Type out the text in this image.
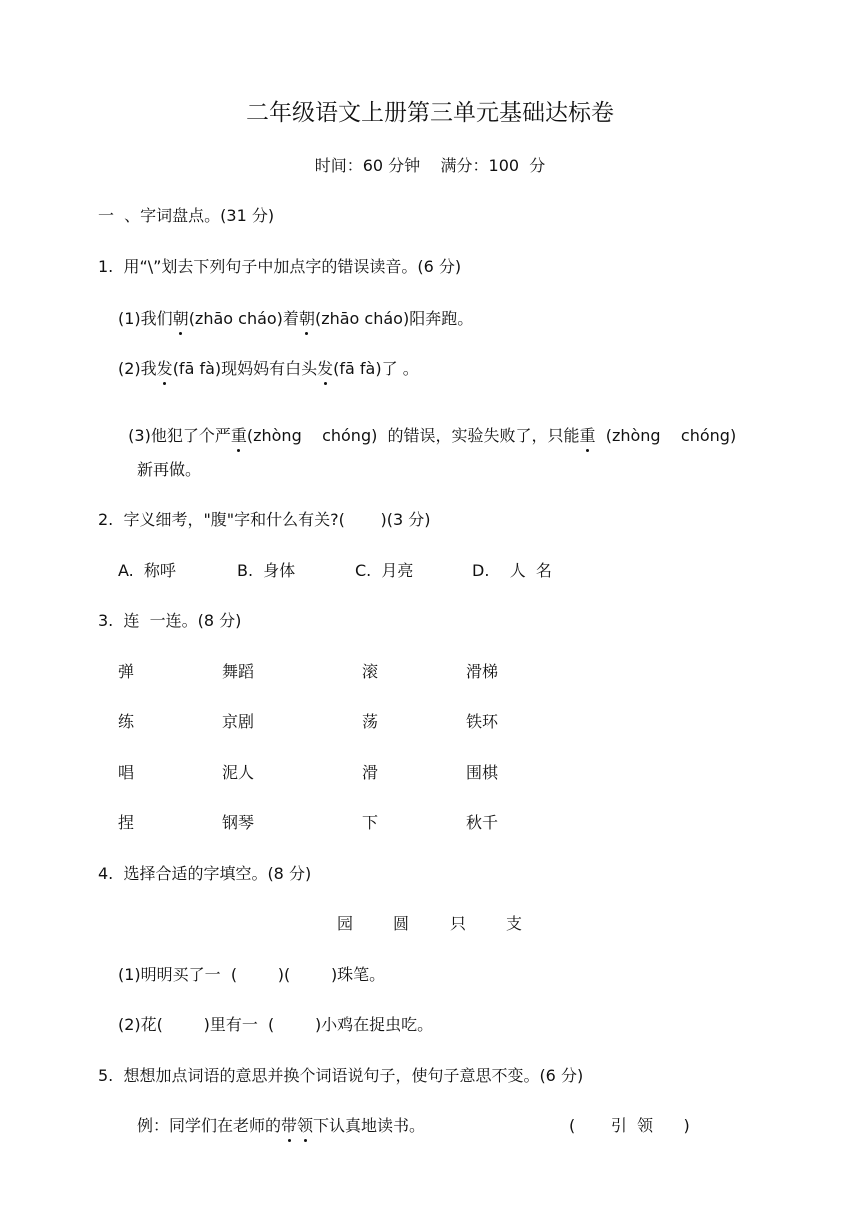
二年级语文上册第三单元基础达标卷
时间：60 分钟    满分：100  分
一  、字词盘点。(31 分)
1.  用“\”划去下列句子中加点字的错误读音。(6 分)
(1)我们朝(zhāo cháo)着朝(zhāo cháo)阳奔跑。
(2)我发(fā fà)现妈妈有白头发(fā fà)了 。

(3)他犯了个严重(zhòng    chóng)  的错误，实验失败了，只能重  (zhòng    chóng)

新再做。
2.  字义细考，"腹"字和什么有关?(       )(3 分)
A.  称呼	B.  身体	C.  月亮	D.    人  名
3.  连  一连。(8 分)
弹	舞蹈	滚	滑梯
练	京剧	荡	铁环
唱	泥人	滑	围棋
捏	钢琴	下	秋千
4.  选择合适的字填空。(8 分)
园 圆	只 支
(1)明明买了一  (        )(        )珠笔。
(2)花(        )里有一  (        )小鸡在捉虫吃。
5.  想想加点词语的意思并换个词语说句子，使句子意思不变。(6 分)
例：同学们在老师的带领下认真地读书。	(       引  领      )
